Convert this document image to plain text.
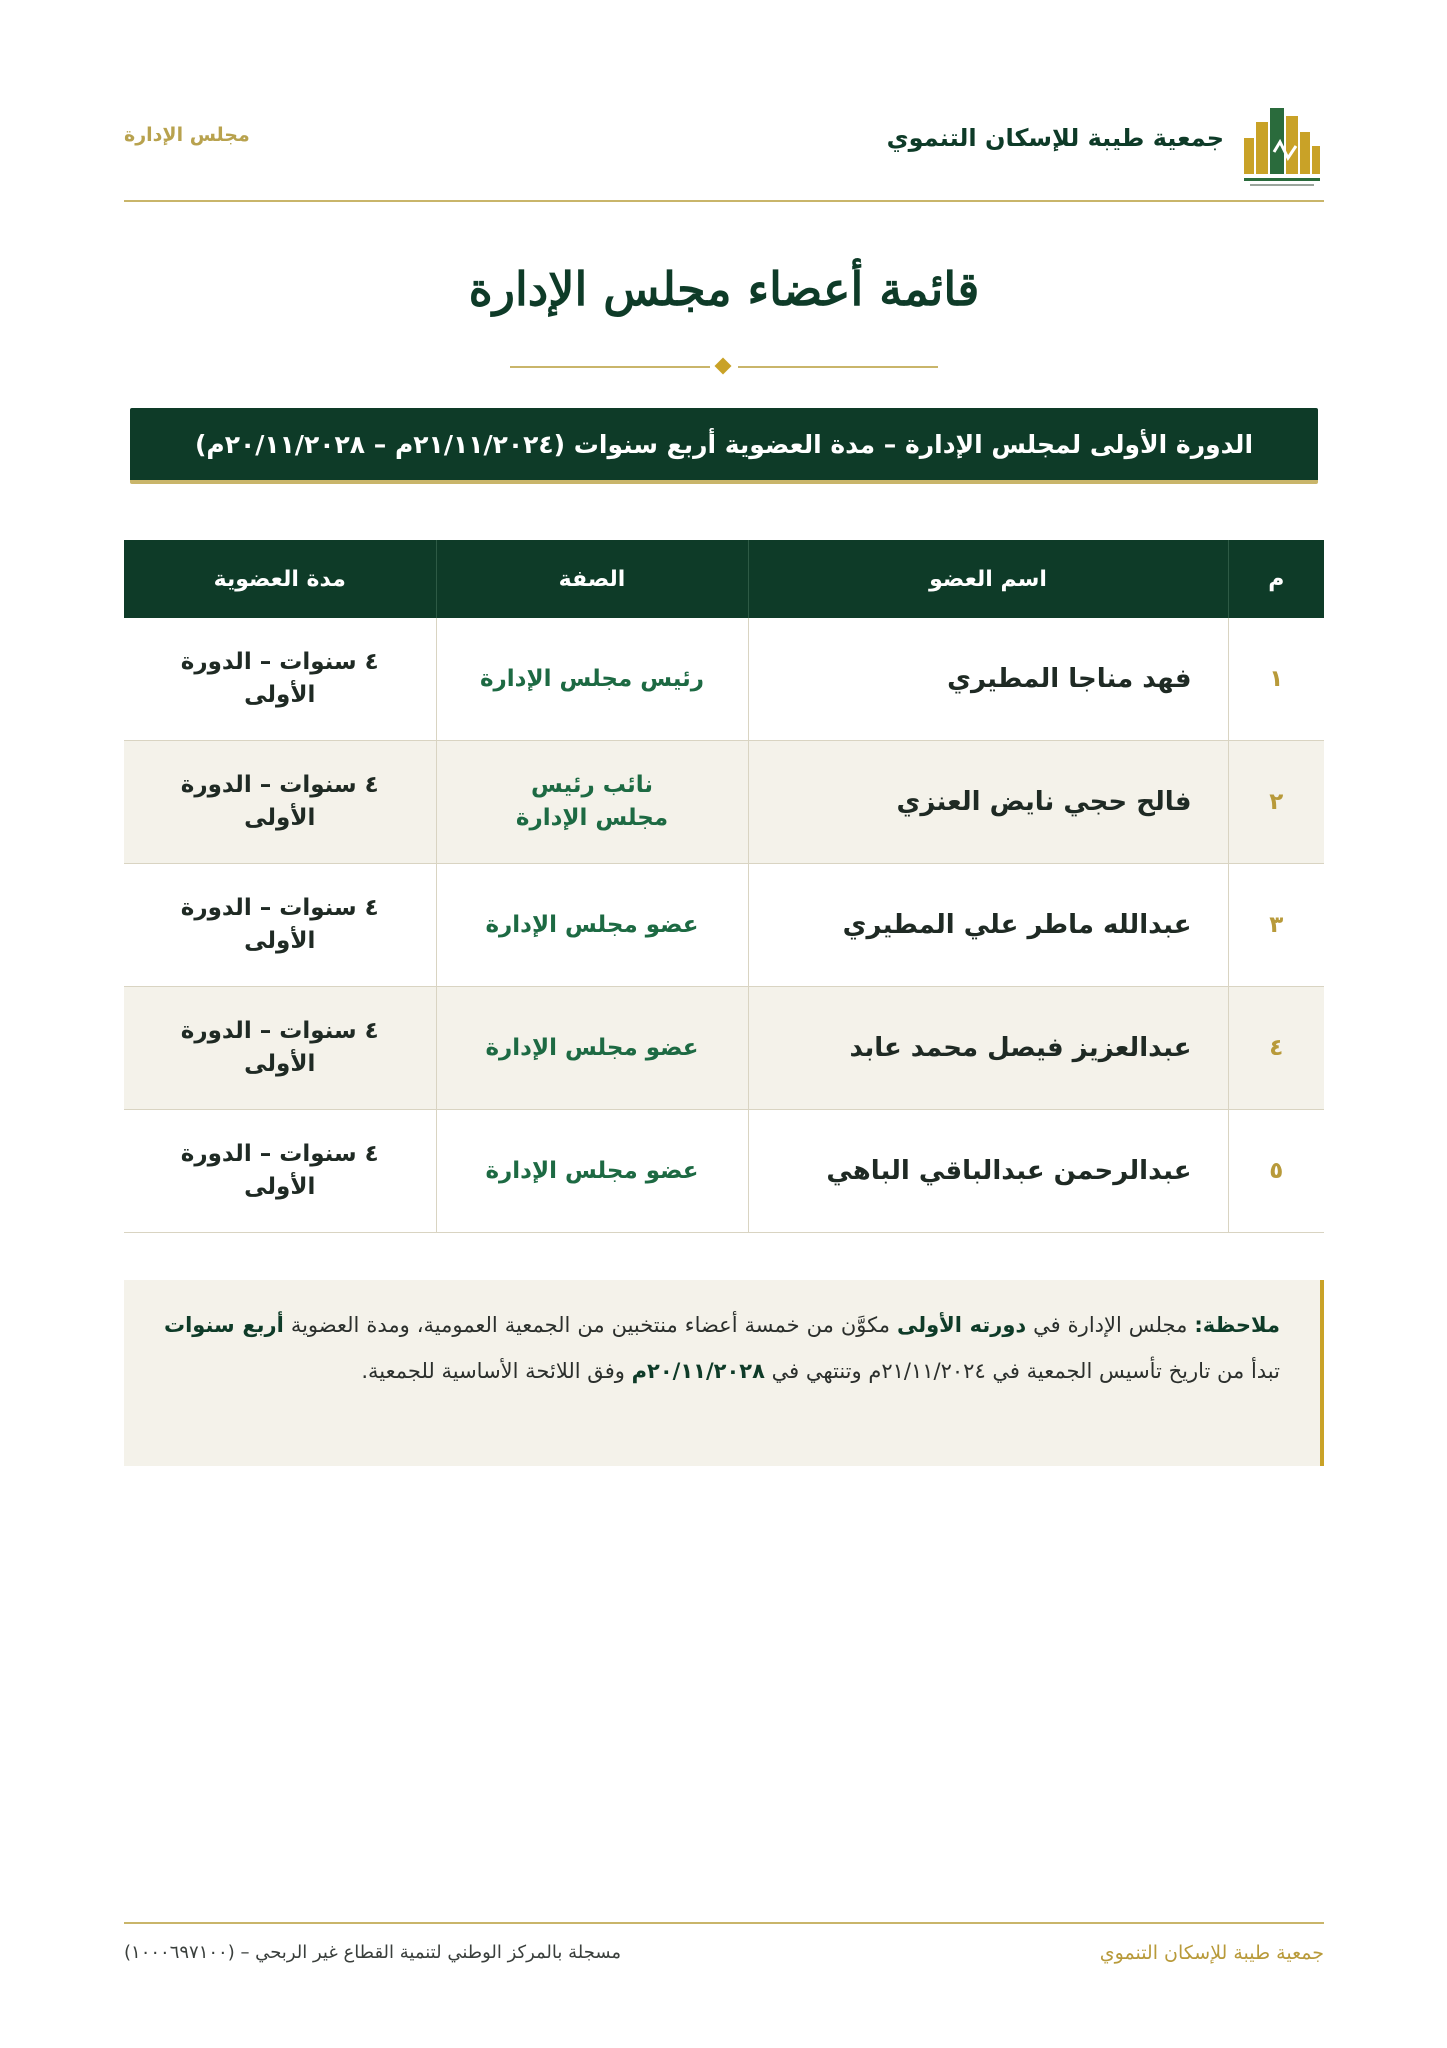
جمعية طيبة للإسكان التنموي
مجلس الإدارة
قائمة أعضاء مجلس الإدارة
الدورة الأولى لمجلس الإدارة – مدة العضوية أربع سنوات (٢١/١١/٢٠٢٤م – ٢٠/١١/٢٠٢٨م)
م	اسم العضو	الصفة	مدة العضوية
١	فهد مناجا المطيري	رئيس مجلس الإدارة	٤ سنوات – الدورة الأولى
٢	فالح حجي نايض العنزي	نائب رئيس مجلس الإدارة	٤ سنوات – الدورة الأولى
٣	عبدالله ماطر علي المطيري	عضو مجلس الإدارة	٤ سنوات – الدورة الأولى
٤	عبدالعزيز فيصل محمد عابد	عضو مجلس الإدارة	٤ سنوات – الدورة الأولى
٥	عبدالرحمن عبدالباقي الباهي	عضو مجلس الإدارة	٤ سنوات – الدورة الأولى

ملاحظة: مجلس الإدارة في دورته الأولى مكوَّن من خمسة أعضاء منتخبين من الجمعية العمومية، ومدة العضوية أربع سنوات تبدأ من تاريخ تأسيس الجمعية في ٢١/١١/٢٠٢٤م وتنتهي في ٢٠/١١/٢٠٢٨م وفق اللائحة الأساسية للجمعية.

جمعية طيبة للإسكان التنموي
مسجلة بالمركز الوطني لتنمية القطاع غير الربحي – (١٠٠٠٦٩٧١٠٠)
